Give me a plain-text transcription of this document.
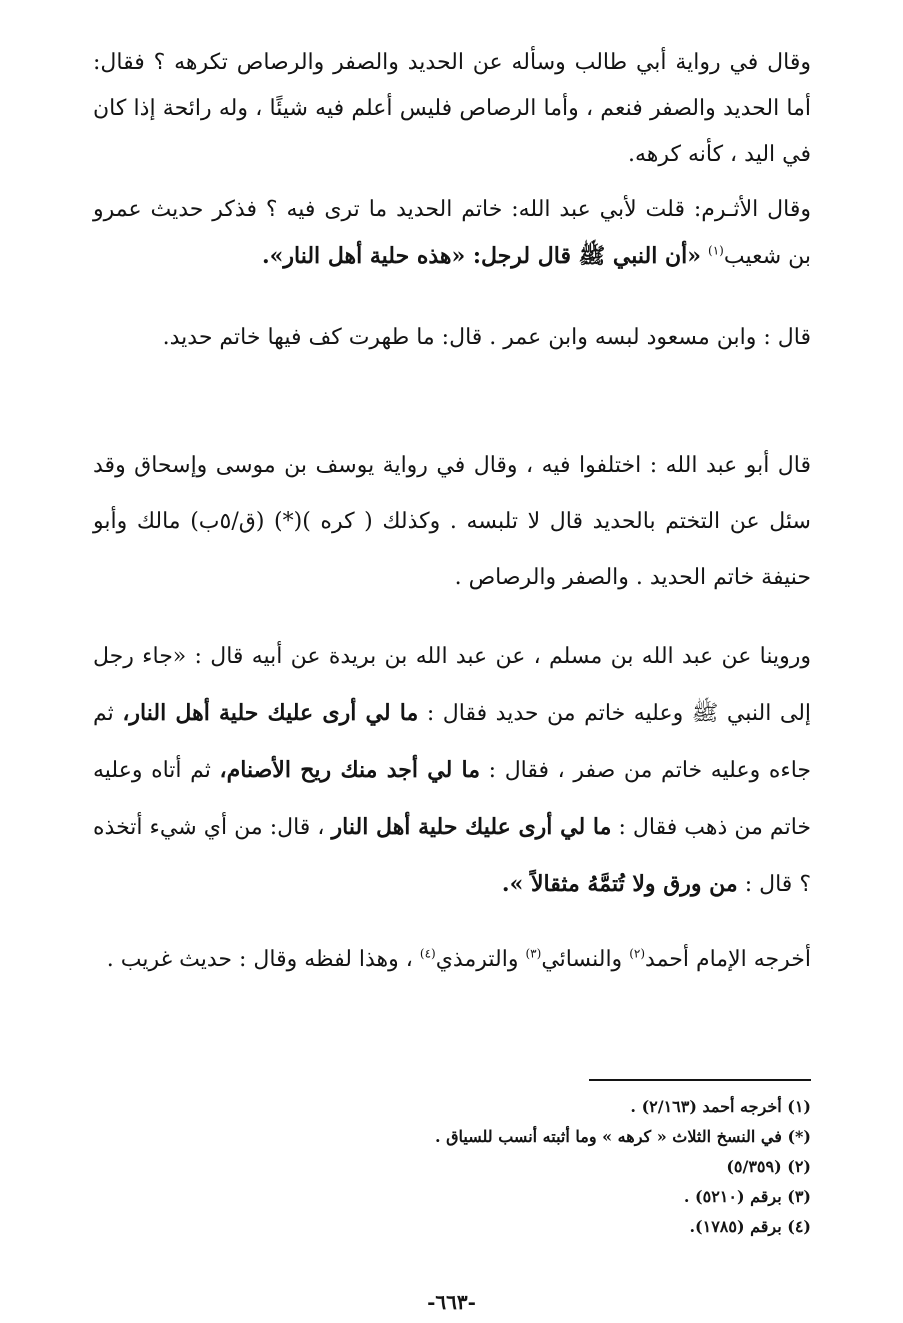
وقال في رواية أبي طالب وسأله عن الحديد والصفر والرصاص تكرهه ؟ فقال: أما الحديد والصفر فنعم ، وأما الرصاص فليس أعلم فيه شيئًا ، وله رائحة إذا كان في اليد ، كأنه كرهه.

وقال الأثـرم: قلت لأبي عبد الله: خاتم الحديد ما ترى فيه ؟ فذكر حديث عمرو بن شعيب$^{(١)}$ «أن النبي ﷺ قال لرجل: «هذه حلية أهل النار».

قال : وابن مسعود لبسه وابن عمر . قال: ما طهرت كف فيها خاتم حديد.

قال أبو عبد الله : اختلفوا فيه ، وقال في رواية يوسف بن موسى وإسحاق وقد سئل عن التختم بالحديد قال لا تلبسه . وكذلك ( كره )(*) (ق/٥ب) مالك وأبو حنيفة خاتم الحديد . والصفر والرصاص .

وروينا عن عبد الله بن مسلم ، عن عبد الله بن بريدة عن أبيه قال : «جاء رجل إلى النبي ﷺ وعليه خاتم من حديد فقال : ما لي أرى عليك حلية أهل النار، ثم جاءه وعليه خاتم من صفر ، فقال : ما لي أجد منك ريح الأصنام، ثم أتاه وعليه خاتم من ذهب فقال : ما لي أرى عليك حلية أهل النار ، قال: من أي شيء أتخذه ؟ قال : من ورق ولا تُتمَّهُ مثقالاً ».

أخرجه الإمام أحمد$^{(٢)}$ والنسائي$^{(٣)}$ والترمذي$^{(٤)}$ ، وهذا لفظه وقال : حديث غريب .

(١) أخرجه أحمد (٢/١٦٣) .
(*) في النسخ الثلاث « كرهه » وما أثبته أنسب للسياق .
(٢) (٥/٣٥٩)
(٣) برقم (٥٢١٠) .
(٤) برقم (١٧٨٥).
-٦٦٣-
